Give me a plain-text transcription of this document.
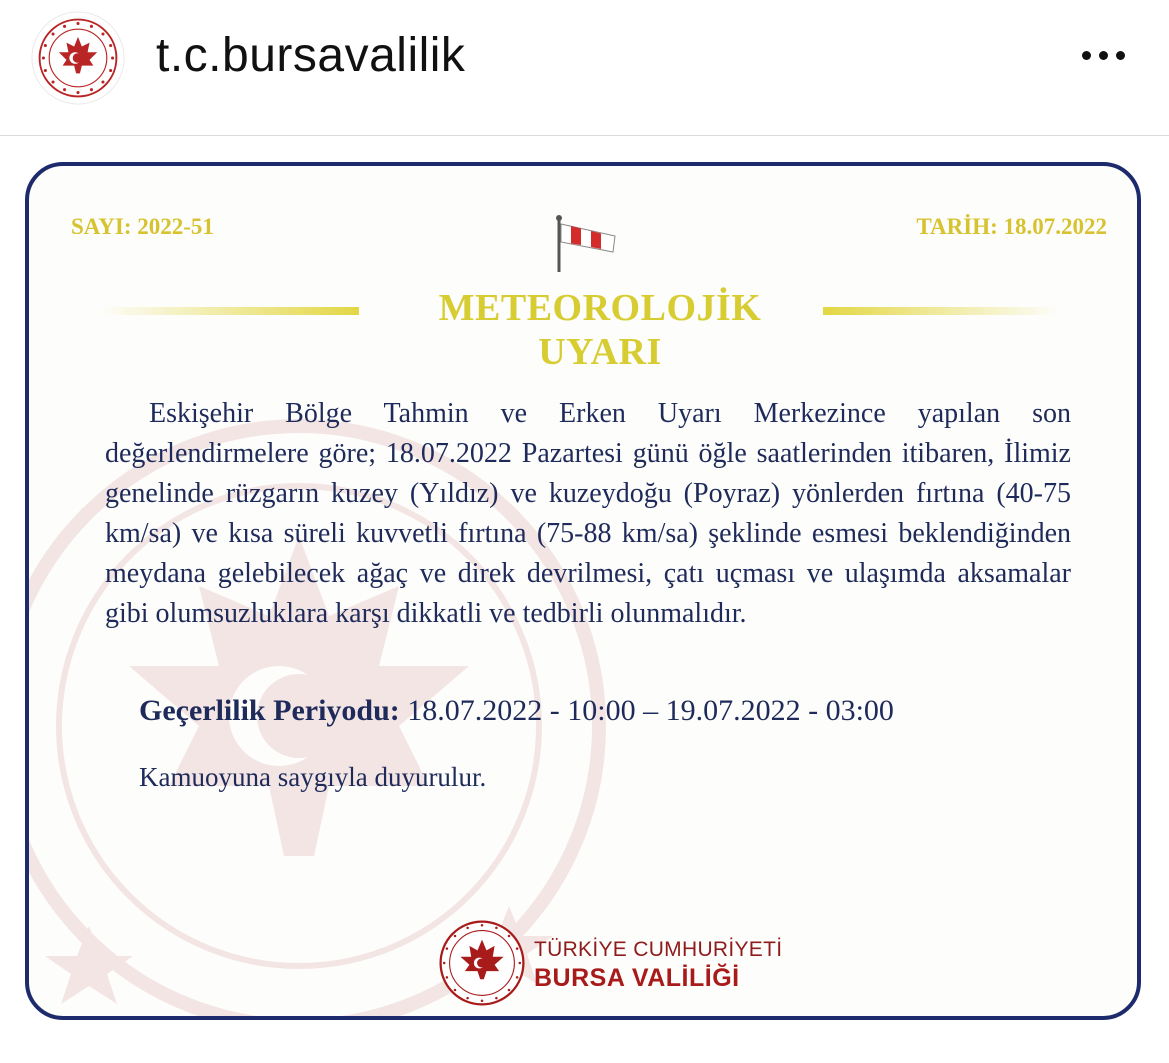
t.c.bursavalilik
SAYI: 2022-51	TARİH: 18.07.2022
METEOROLOJİK UYARI
Eskişehir Bölge Tahmin ve Erken Uyarı Merkezince yapılan son değerlendirmelere göre; 18.07.2022 Pazartesi günü öğle saatlerinden itibaren, İlimiz genelinde rüzgarın kuzey (Yıldız) ve kuzeydoğu (Poyraz) yönlerden fırtına (40-75 km/sa) ve kısa süreli kuvvetli fırtına (75-88 km/sa) şeklinde esmesi beklendiğinden meydana gelebilecek ağaç ve direk devrilmesi, çatı uçması ve ulaşımda aksamalar gibi olumsuzluklara karşı dikkatli ve tedbirli olunmalıdır.
Geçerlilik Periyodu: 18.07.2022 - 10:00 – 19.07.2022 - 03:00
Kamuoyuna saygıyla duyurulur.
TÜRKİYE CUMHURİYETİ
BURSA VALİLİĞİ
